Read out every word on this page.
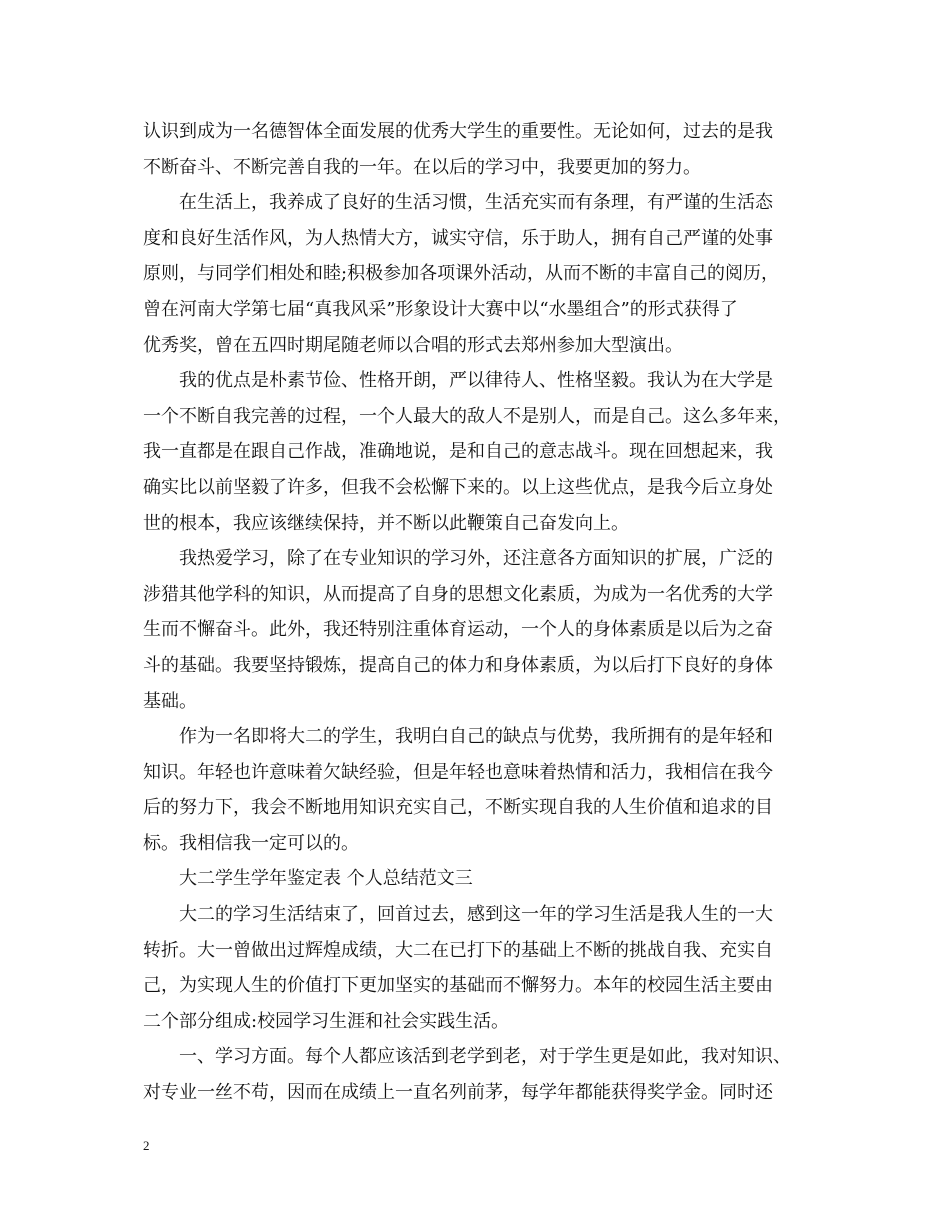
认识到成为一名德智体全面发展的优秀大学生的重要性。无论如何，过去的是我
不断奋斗、不断完善自我的一年。在以后的学习中，我要更加的努力。
在生活上，我养成了良好的生活习惯，生活充实而有条理，有严谨的生活态
度和良好生活作风，为人热情大方，诚实守信，乐于助人，拥有自己严谨的处事
原则，与同学们相处和睦;积极参加各项课外活动，从而不断的丰富自己的阅历，
曾在河南大学第七届“真我风采”形象设计大赛中以“水墨组合”的形式获得了
优秀奖，曾在五四时期尾随老师以合唱的形式去郑州参加大型演出。
我的优点是朴素节俭、性格开朗，严以律待人、性格坚毅。我认为在大学是
一个不断自我完善的过程，一个人最大的敌人不是别人，而是自己。这么多年来，
我一直都是在跟自己作战，准确地说，是和自己的意志战斗。现在回想起来，我
确实比以前坚毅了许多，但我不会松懈下来的。以上这些优点，是我今后立身处
世的根本，我应该继续保持，并不断以此鞭策自己奋发向上。
我热爱学习，除了在专业知识的学习外，还注意各方面知识的扩展，广泛的
涉猎其他学科的知识，从而提高了自身的思想文化素质，为成为一名优秀的大学
生而不懈奋斗。此外，我还特别注重体育运动，一个人的身体素质是以后为之奋
斗的基础。我要坚持锻炼，提高自己的体力和身体素质，为以后打下良好的身体
基础。
作为一名即将大二的学生，我明白自己的缺点与优势，我所拥有的是年轻和
知识。年轻也许意味着欠缺经验，但是年轻也意味着热情和活力，我相信在我今
后的努力下，我会不断地用知识充实自己，不断实现自我的人生价值和追求的目
标。我相信我一定可以的。
大二学生学年鉴定表 个人总结范文三
大二的学习生活结束了，回首过去，感到这一年的学习生活是我人生的一大
转折。大一曾做出过辉煌成绩，大二在已打下的基础上不断的挑战自我、充实自
己，为实现人生的价值打下更加坚实的基础而不懈努力。本年的校园生活主要由
二个部分组成:校园学习生涯和社会实践生活。
一、学习方面。每个人都应该活到老学到老，对于学生更是如此，我对知识、
对专业一丝不苟，因而在成绩上一直名列前茅，每学年都能获得奖学金。同时还
2
